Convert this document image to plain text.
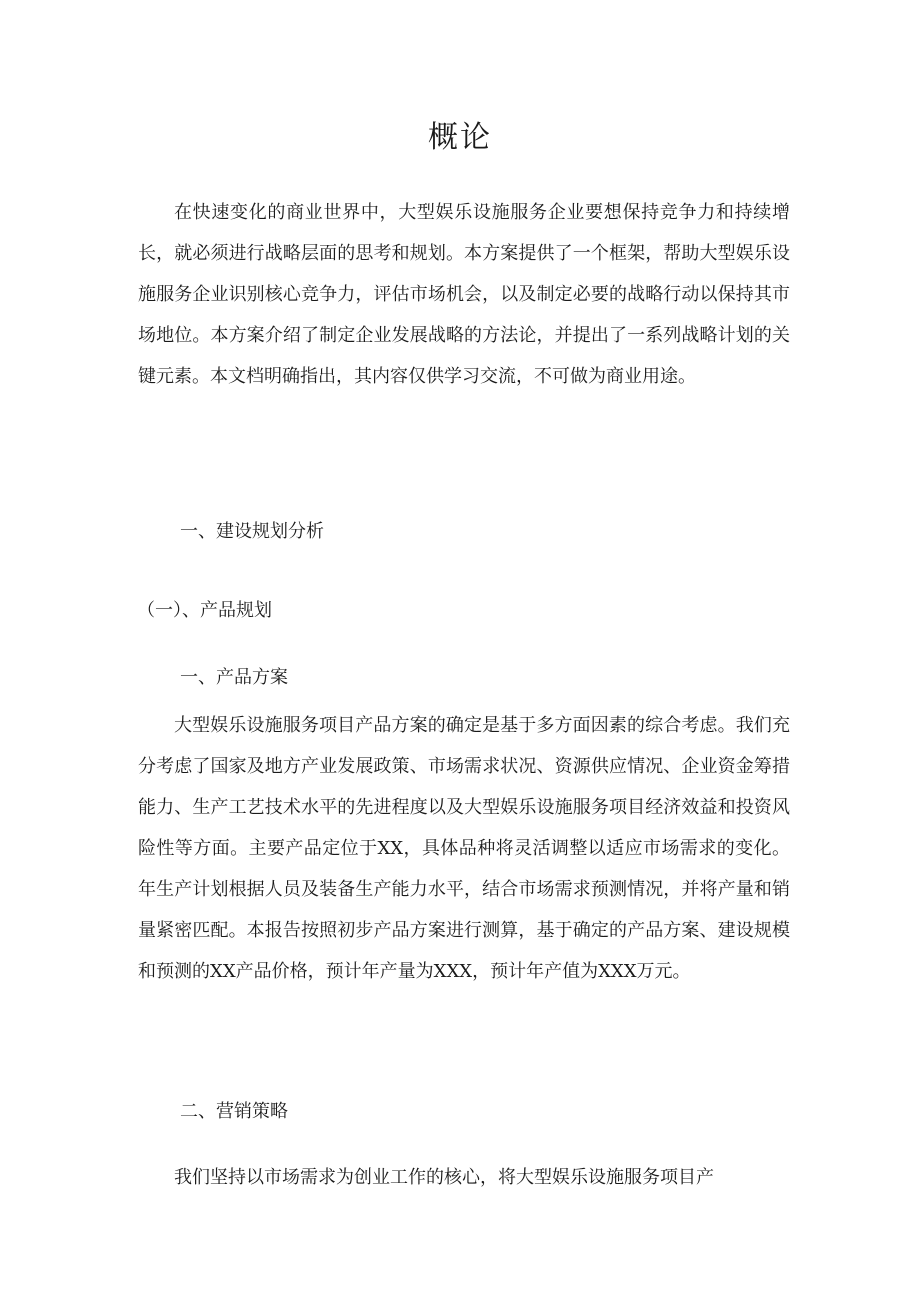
概论

在快速变化的商业世界中，大型娱乐设施服务企业要想保持竞争力和持续增长，就必须进行战略层面的思考和规划。本方案提供了一个框架，帮助大型娱乐设施服务企业识别核心竞争力，评估市场机会，以及制定必要的战略行动以保持其市场地位。本方案介绍了制定企业发展战略的方法论，并提出了一系列战略计划的关键元素。本文档明确指出，其内容仅供学习交流，不可做为商业用途。

一、建设规划分析

（一）、产品规划

一、产品方案

大型娱乐设施服务项目产品方案的确定是基于多方面因素的综合考虑。我们充分考虑了国家及地方产业发展政策、市场需求状况、资源供应情况、企业资金筹措能力、生产工艺技术水平的先进程度以及大型娱乐设施服务项目经济效益和投资风险性等方面。主要产品定位于XX，具体品种将灵活调整以适应市场需求的变化。年生产计划根据人员及装备生产能力水平，结合市场需求预测情况，并将产量和销量紧密匹配。本报告按照初步产品方案进行测算，基于确定的产品方案、建设规模和预测的XX产品价格，预计年产量为XXX，预计年产值为XXX万元。

二、营销策略

我们坚持以市场需求为创业工作的核心，将大型娱乐设施服务项目产
